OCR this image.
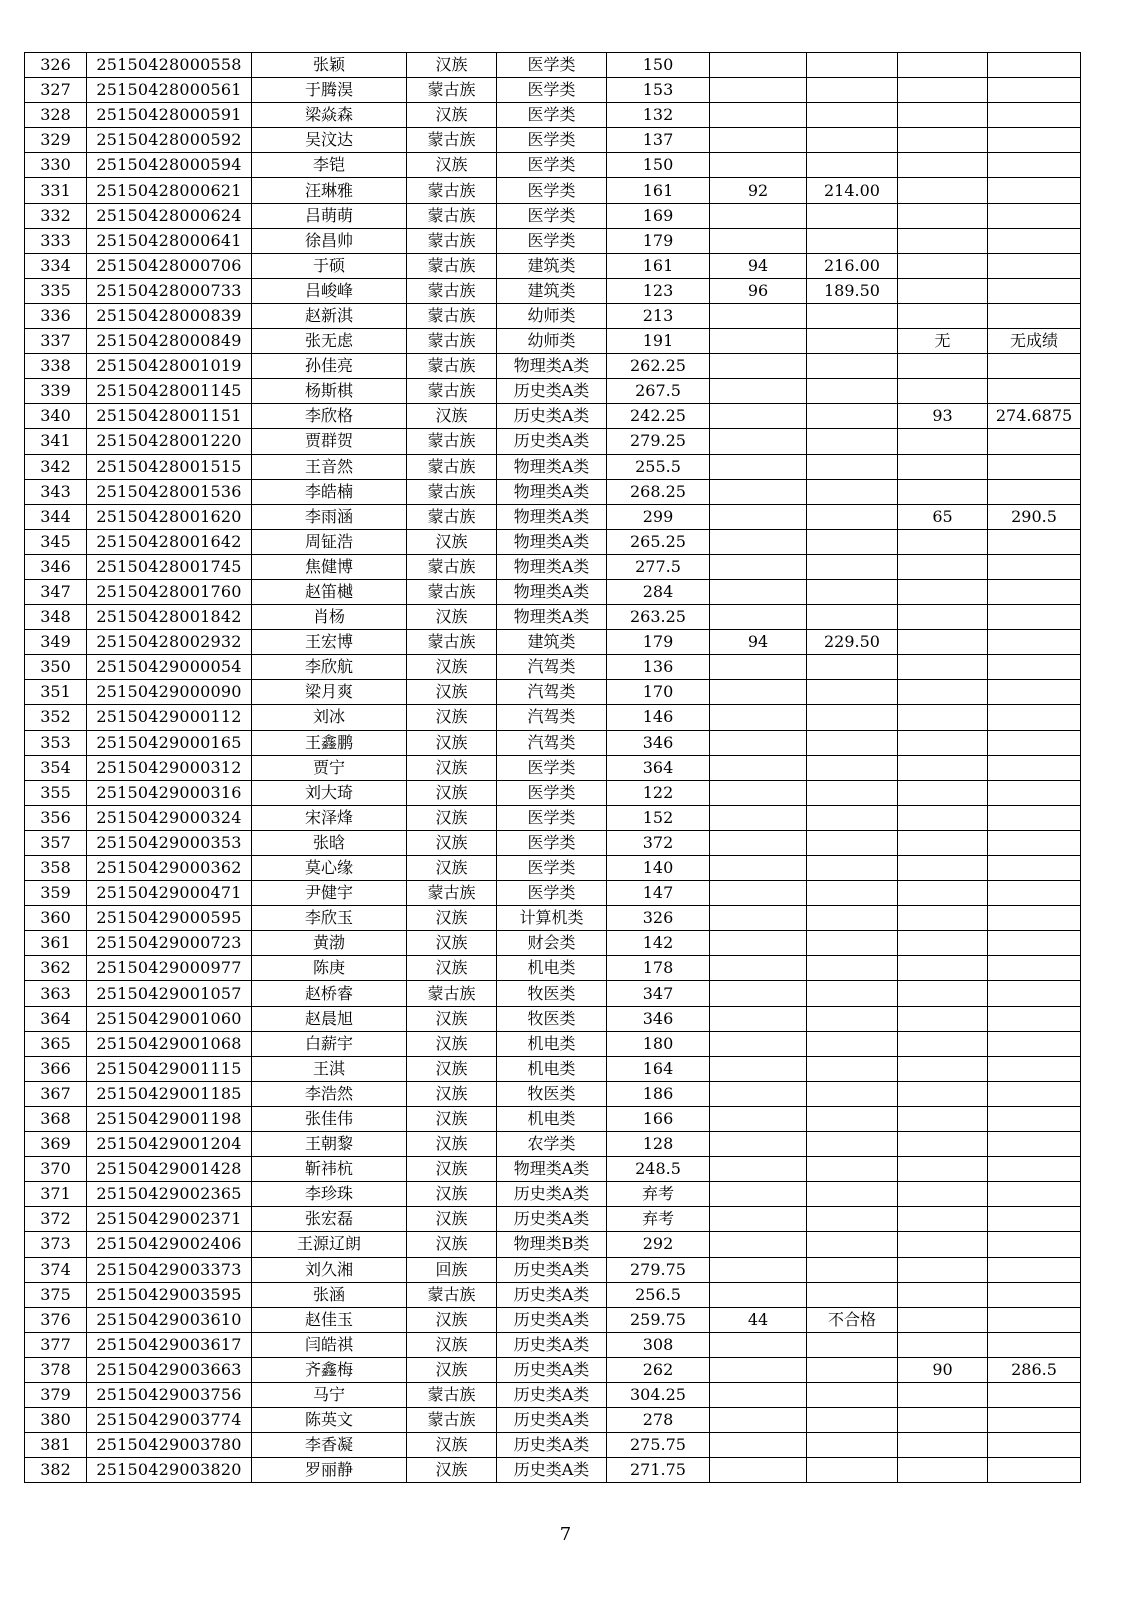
326	25150428000558	张颖	汉族	医学类	150				
327	25150428000561	于腾淏	蒙古族	医学类	153				
328	25150428000591	梁焱森	汉族	医学类	132				
329	25150428000592	吴汶达	蒙古族	医学类	137				
330	25150428000594	李铠	汉族	医学类	150				
331	25150428000621	汪琳雅	蒙古族	医学类	161	92	214.00		
332	25150428000624	吕萌萌	蒙古族	医学类	169				
333	25150428000641	徐昌帅	蒙古族	医学类	179				
334	25150428000706	于硕	蒙古族	建筑类	161	94	216.00		
335	25150428000733	吕峻峰	蒙古族	建筑类	123	96	189.50		
336	25150428000839	赵新淇	蒙古族	幼师类	213				
337	25150428000849	张无虑	蒙古族	幼师类	191			无	无成绩
338	25150428001019	孙佳亮	蒙古族	物理类A类	262.25				
339	25150428001145	杨斯棋	蒙古族	历史类A类	267.5				
340	25150428001151	李欣格	汉族	历史类A类	242.25			93	274.6875
341	25150428001220	贾群贺	蒙古族	历史类A类	279.25				
342	25150428001515	王音然	蒙古族	物理类A类	255.5				
343	25150428001536	李皓楠	蒙古族	物理类A类	268.25				
344	25150428001620	李雨涵	蒙古族	物理类A类	299			65	290.5
345	25150428001642	周钲浩	汉族	物理类A类	265.25				
346	25150428001745	焦健博	蒙古族	物理类A类	277.5				
347	25150428001760	赵笛樾	蒙古族	物理类A类	284				
348	25150428001842	肖杨	汉族	物理类A类	263.25				
349	25150428002932	王宏博	蒙古族	建筑类	179	94	229.50		
350	25150429000054	李欣航	汉族	汽驾类	136				
351	25150429000090	梁月爽	汉族	汽驾类	170				
352	25150429000112	刘冰	汉族	汽驾类	146				
353	25150429000165	王鑫鹏	汉族	汽驾类	346				
354	25150429000312	贾宁	汉族	医学类	364				
355	25150429000316	刘大琦	汉族	医学类	122				
356	25150429000324	宋泽烽	汉族	医学类	152				
357	25150429000353	张晗	汉族	医学类	372				
358	25150429000362	莫心缘	汉族	医学类	140				
359	25150429000471	尹健宇	蒙古族	医学类	147				
360	25150429000595	李欣玉	汉族	计算机类	326				
361	25150429000723	黄渤	汉族	财会类	142				
362	25150429000977	陈庚	汉族	机电类	178				
363	25150429001057	赵桥睿	蒙古族	牧医类	347				
364	25150429001060	赵晨旭	汉族	牧医类	346				
365	25150429001068	白薪宇	汉族	机电类	180				
366	25150429001115	王淇	汉族	机电类	164				
367	25150429001185	李浩然	汉族	牧医类	186				
368	25150429001198	张佳伟	汉族	机电类	166				
369	25150429001204	王朝黎	汉族	农学类	128				
370	25150429001428	靳祎杭	汉族	物理类A类	248.5				
371	25150429002365	李珍珠	汉族	历史类A类	弃考				
372	25150429002371	张宏磊	汉族	历史类A类	弃考				
373	25150429002406	王源辽朗	汉族	物理类B类	292				
374	25150429003373	刘久湘	回族	历史类A类	279.75				
375	25150429003595	张涵	蒙古族	历史类A类	256.5				
376	25150429003610	赵佳玉	汉族	历史类A类	259.75	44	不合格		
377	25150429003617	闫皓祺	汉族	历史类A类	308				
378	25150429003663	齐鑫梅	汉族	历史类A类	262			90	286.5
379	25150429003756	马宁	蒙古族	历史类A类	304.25				
380	25150429003774	陈英文	蒙古族	历史类A类	278				
381	25150429003780	李香凝	汉族	历史类A类	275.75				
382	25150429003820	罗丽静	汉族	历史类A类	271.75				
7
